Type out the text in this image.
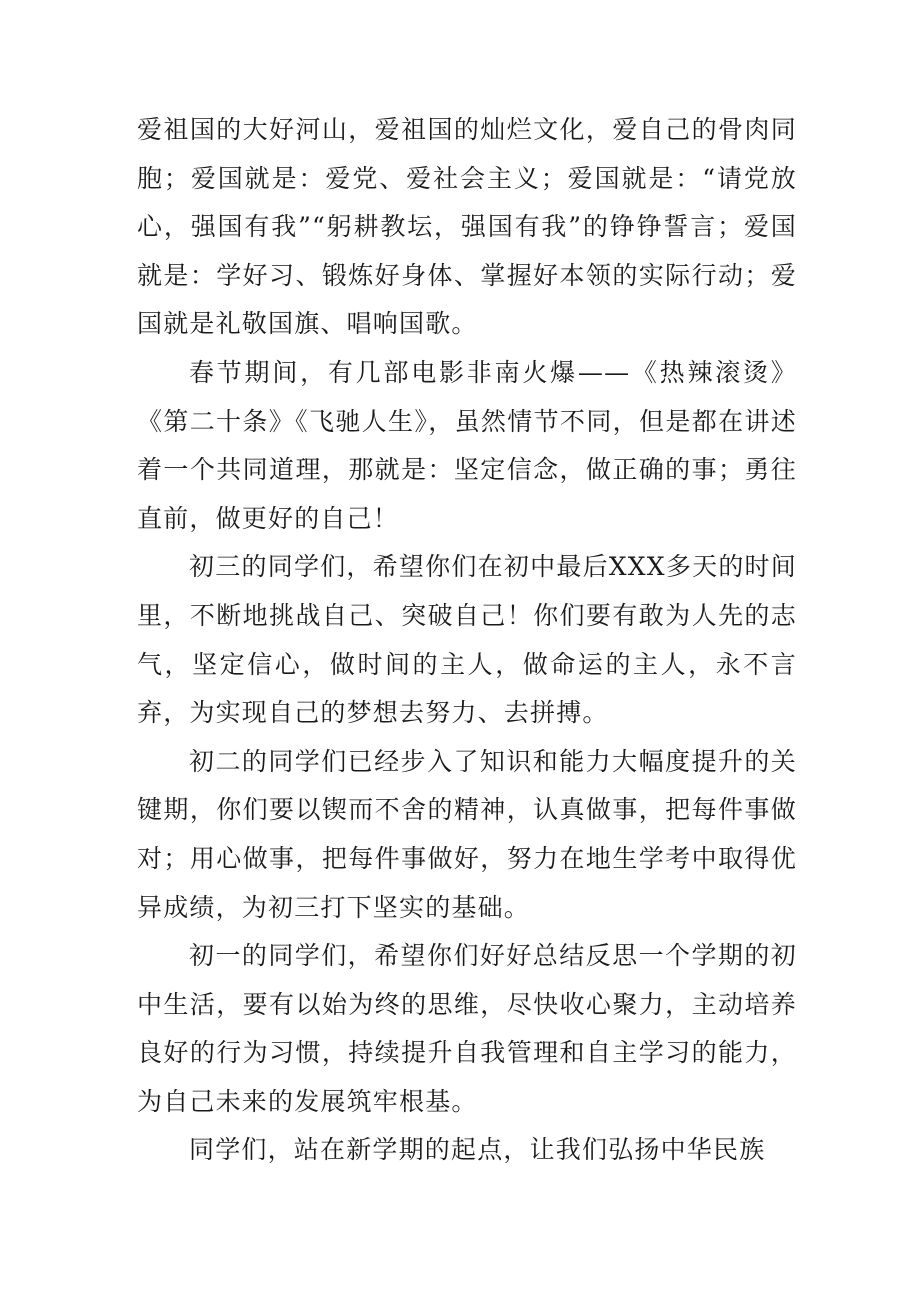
爱祖国的大好河山，爱祖国的灿烂文化，爱自己的骨肉同胞；爱国就是：爱党、爱社会主义；爱国就是：“请党放心，强国有我”“躬耕教坛，强国有我”的铮铮誓言；爱国就是：学好习、锻炼好身体、掌握好本领的实际行动；爱国就是礼敬国旗、唱响国歌。

春节期间，有几部电影非南火爆——《热辣滚烫》《第二十条》《飞驰人生》，虽然情节不同，但是都在讲述着一个共同道理，那就是：坚定信念，做正确的事；勇往直前，做更好的自己！

初三的同学们，希望你们在初中最后XXX多天的时间里，不断地挑战自己、突破自己！你们要有敢为人先的志气，坚定信心，做时间的主人，做命运的主人，永不言弃，为实现自己的梦想去努力、去拼搏。

初二的同学们已经步入了知识和能力大幅度提升的关键期，你们要以锲而不舍的精神，认真做事，把每件事做对；用心做事，把每件事做好，努力在地生学考中取得优异成绩，为初三打下坚实的基础。

初一的同学们，希望你们好好总结反思一个学期的初中生活，要有以始为终的思维，尽快收心聚力，主动培养良好的行为习惯，持续提升自我管理和自主学习的能力，为自己未来的发展筑牢根基。

同学们，站在新学期的起点，让我们弘扬中华民族
